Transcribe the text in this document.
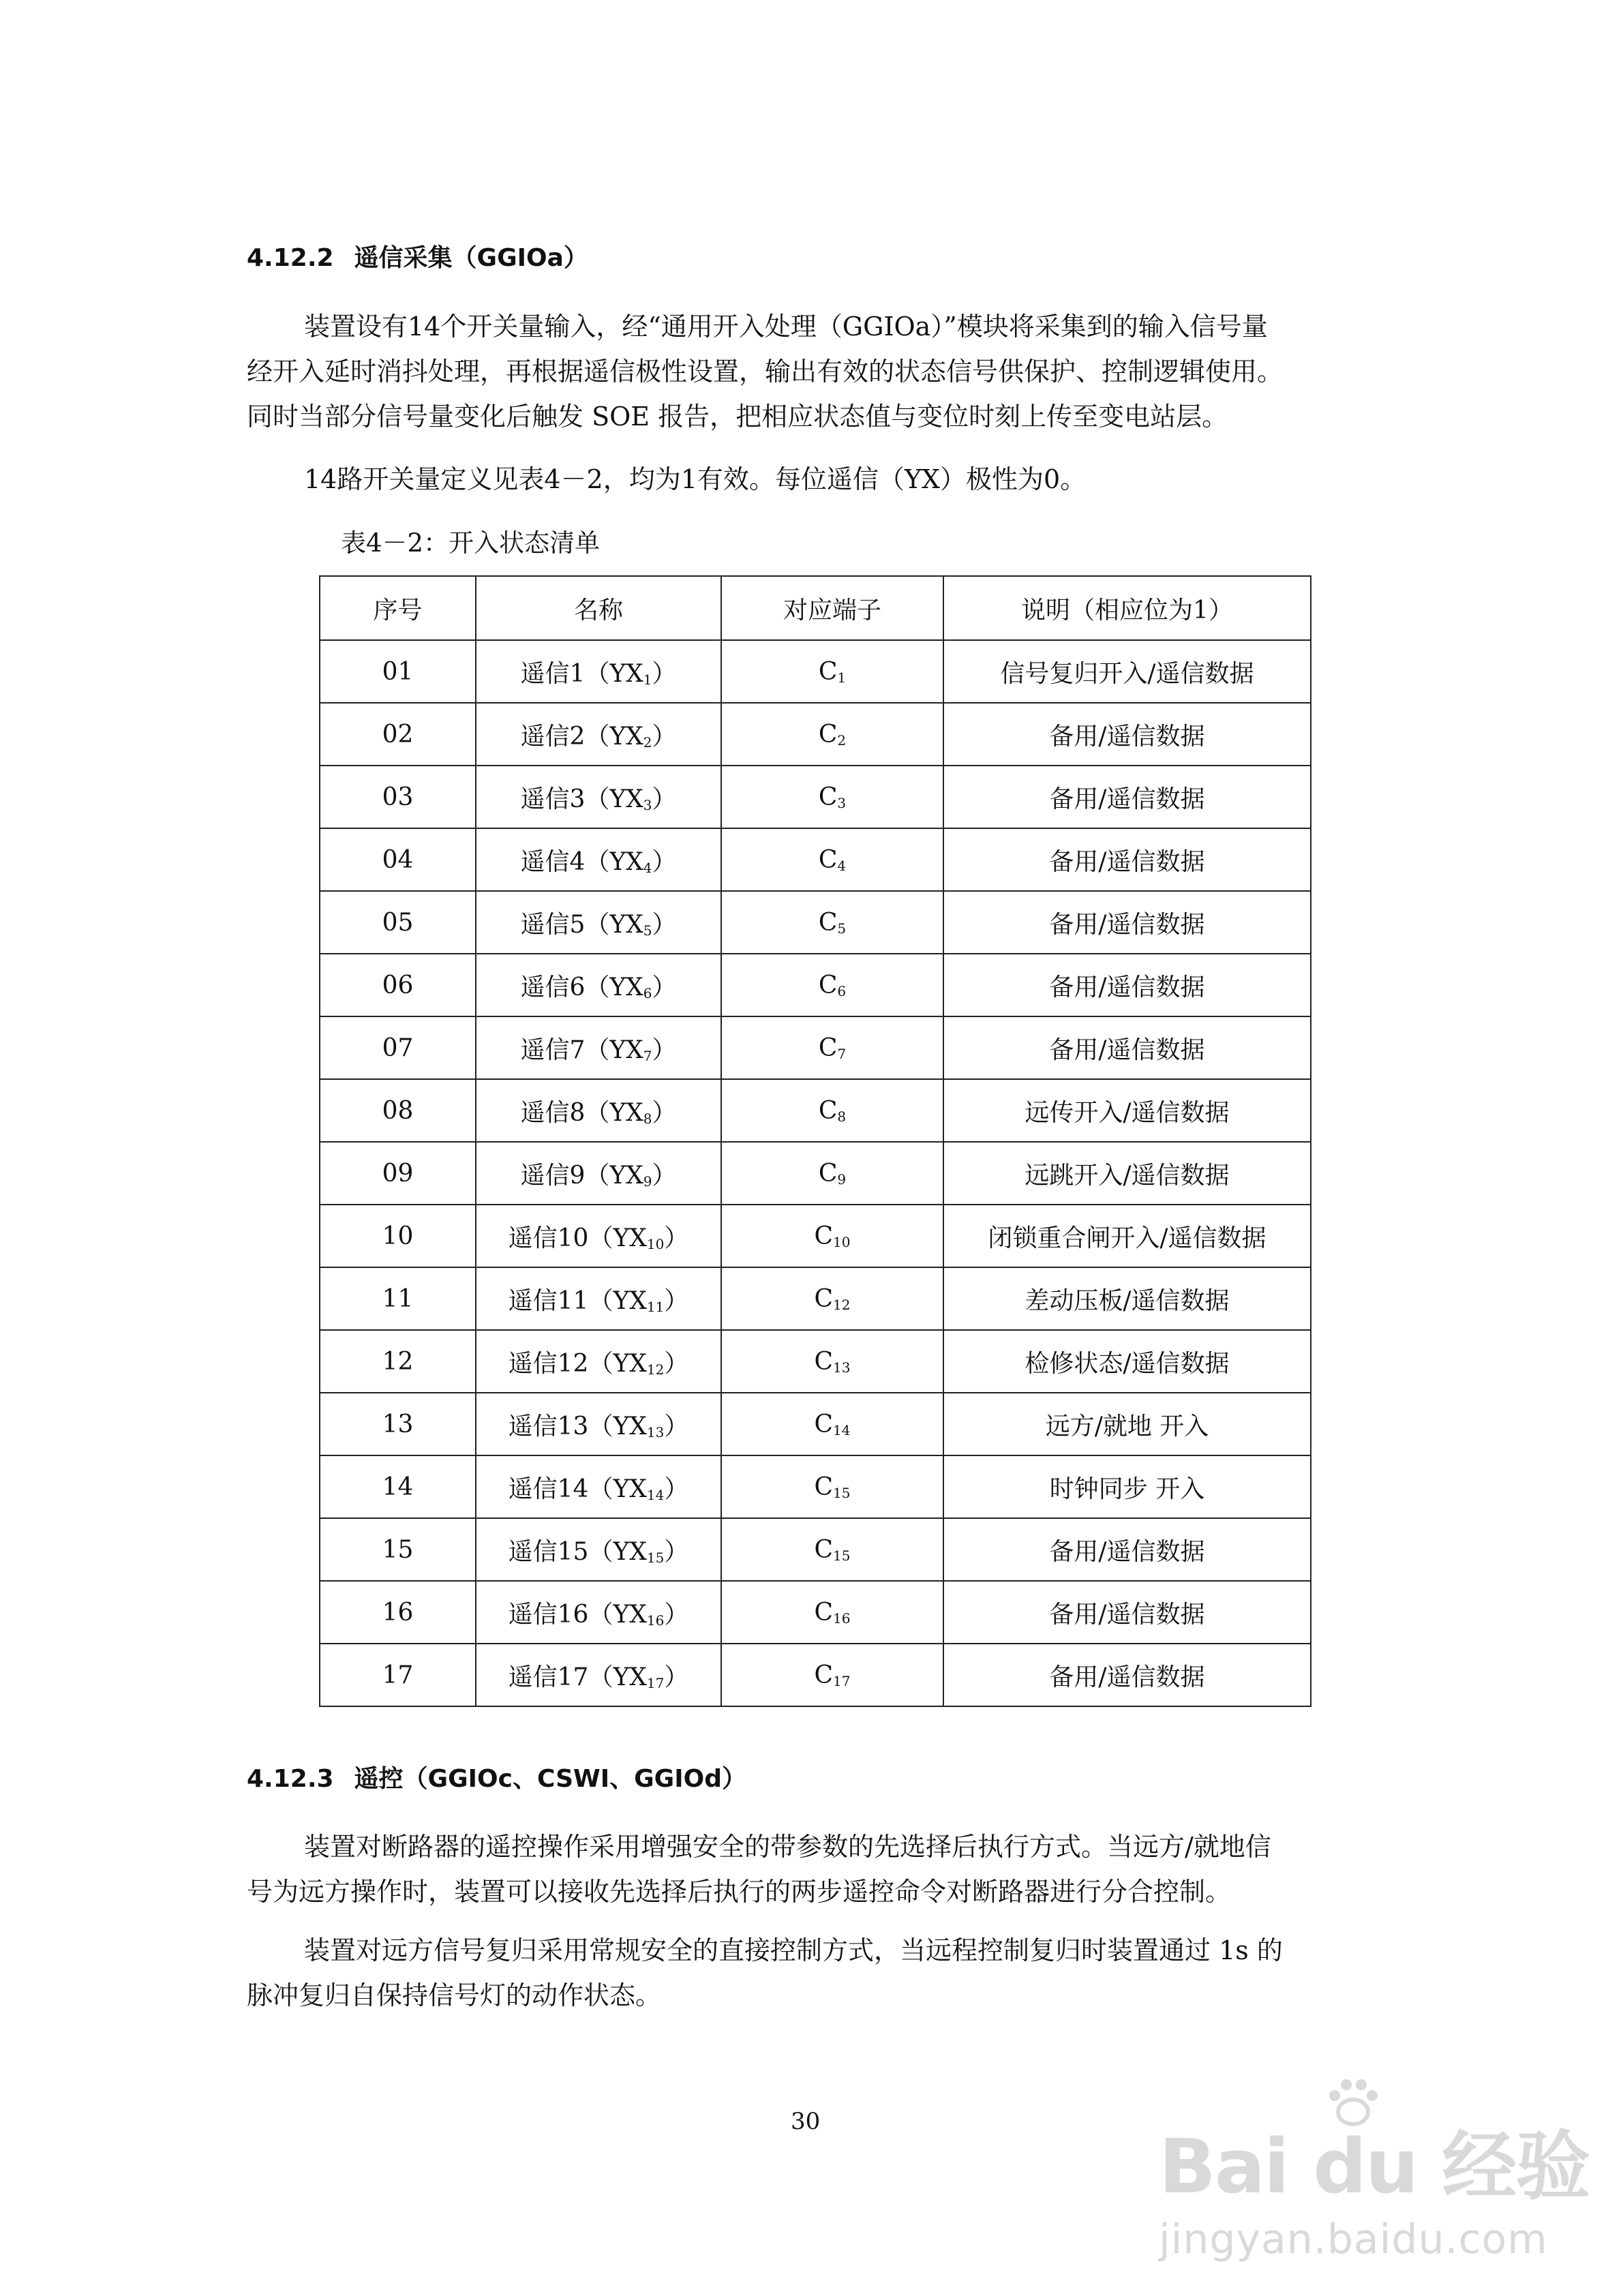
4.12.2 遥信采集（GGIOa）
装置设有14个开关量输入，经“通用开入处理（GGIOa）”模块将采集到的输入信号量
经开入延时消抖处理，再根据遥信极性设置，输出有效的状态信号供保护、控制逻辑使用。
同时当部分信号量变化后触发 SOE 报告，把相应状态值与变位时刻上传至变电站层。
14路开关量定义见表4－2，均为1有效。每位遥信（YX）极性为0。
表4－2：开入状态清单
序号	名称	对应端子	说明（相应位为1）
01	遥信$1(YX_1)$	$C_1$	信号复归开入/遥信数据
02	遥信$2(YX_2)$	$C_2$	备用/遥信数据
03	遥信$3(YX_3)$	$C_3$	备用/遥信数据
04	遥信$4(YX_4)$	$C_4$	备用/遥信数据
05	遥信$5(YX_5)$	$C_5$	备用/遥信数据
06	遥信$6(YX_6)$	$C_6$	备用/遥信数据
07	遥信$7(YX_7)$	$C_7$	备用/遥信数据
08	遥信$8(YX_8)$	$C_8$	远传开入/遥信数据
09	遥信$9(YX_9)$	$C_9$	远跳开入/遥信数据
10	遥信$10(YX_{10})$	$C_{10}$	闭锁重合闸开入/遥信数据
11	遥信$11(YX_{11})$	$C_{12}$	差动压板/遥信数据
12	遥信$12(YX_{12})$	$C_{13}$	检修状态/遥信数据
13	遥信$13(YX_{13})$	$C_{14}$	远方/就地 开入
14	遥信$14(YX_{14})$	$C_{15}$	时钟同步 开入
15	遥信$15(YX_{15})$	$C_{15}$	备用/遥信数据
16	遥信$16(YX_{16})$	$C_{16}$	备用/遥信数据
17	遥信$17(YX_{17})$	$C_{17}$	备用/遥信数据
4.12.3 遥控（GGIOc、CSWI、GGIOd）
装置对断路器的遥控操作采用增强安全的带参数的先选择后执行方式。当远方/就地信
号为远方操作时，装置可以接收先选择后执行的两步遥控命令对断路器进行分合控制。
装置对远方信号复归采用常规安全的直接控制方式，当远程控制复归时装置通过 1s 的
脉冲复归自保持信号灯的动作状态。
30
Bai du 经验
jingyan.baidu.com
